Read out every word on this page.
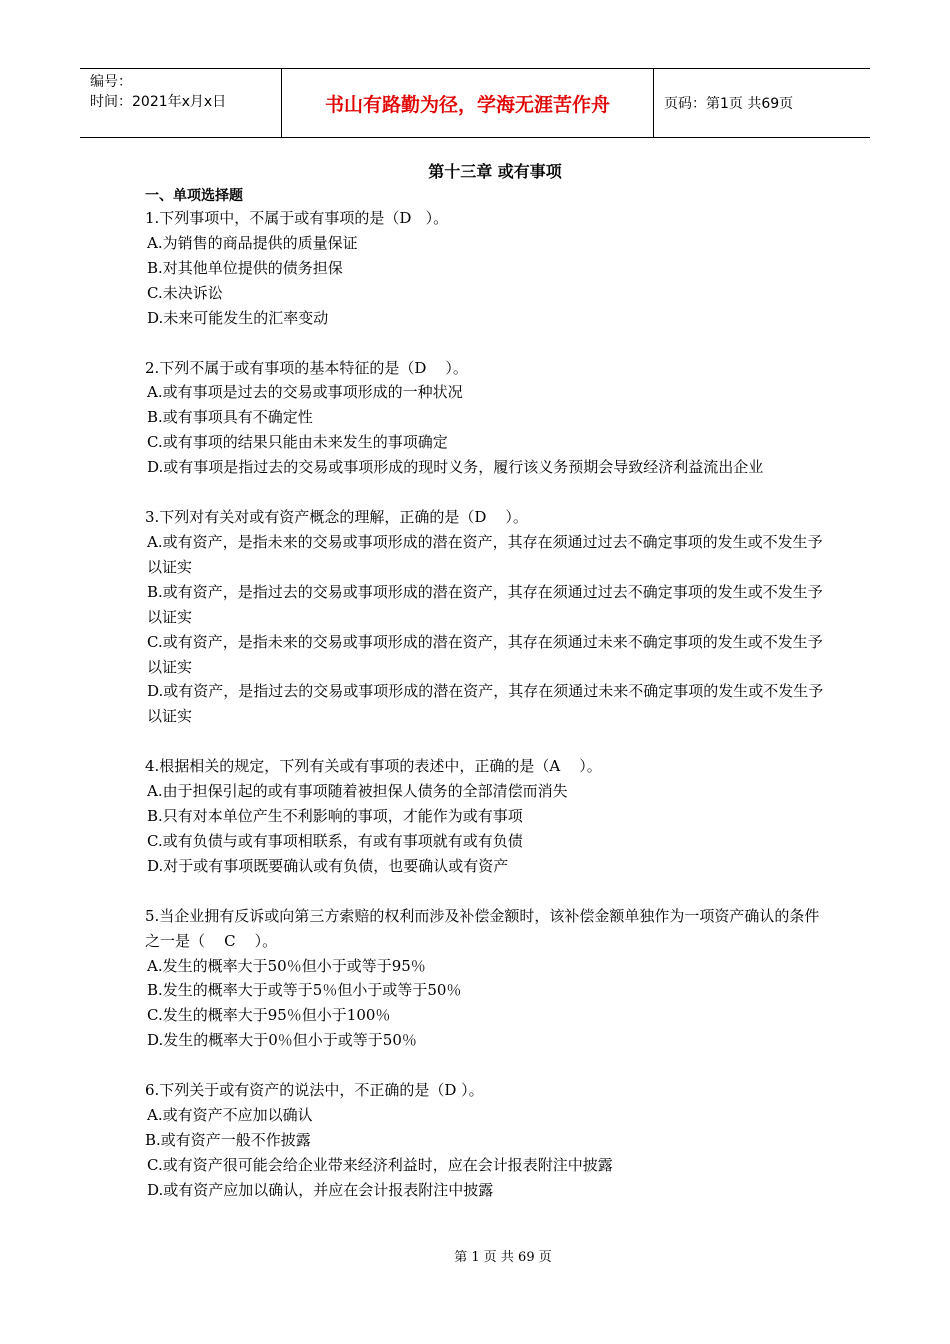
编号：
时间：2021年x月x日	书山有路勤为径，学海无涯苦作舟	页码：第1页 共69页
第十三章 或有事项
一、单项选择题
1.下列事项中，不属于或有事项的是（D   ）。
A.为销售的商品提供的质量保证
B.对其他单位提供的债务担保
C.未决诉讼
D.未来可能发生的汇率变动
2.下列不属于或有事项的基本特征的是（D    ）。
A.或有事项是过去的交易或事项形成的一种状况
B.或有事项具有不确定性
C.或有事项的结果只能由未来发生的事项确定
D.或有事项是指过去的交易或事项形成的现时义务，履行该义务预期会导致经济利益流出企业
3.下列对有关对或有资产概念的理解，正确的是（D    ）。
A.或有资产，是指未来的交易或事项形成的潜在资产，其存在须通过过去不确定事项的发生或不发生予以证实
B.或有资产，是指过去的交易或事项形成的潜在资产，其存在须通过过去不确定事项的发生或不发生予以证实
C.或有资产，是指未来的交易或事项形成的潜在资产，其存在须通过未来不确定事项的发生或不发生予以证实
D.或有资产，是指过去的交易或事项形成的潜在资产，其存在须通过未来不确定事项的发生或不发生予以证实
4.根据相关的规定，下列有关或有事项的表述中，正确的是（A    ）。
A.由于担保引起的或有事项随着被担保人债务的全部清偿而消失
B.只有对本单位产生不利影响的事项，才能作为或有事项
C.或有负债与或有事项相联系，有或有事项就有或有负债
D.对于或有事项既要确认或有负债，也要确认或有资产
5.当企业拥有反诉或向第三方索赔的权利而涉及补偿金额时，该补偿金额单独作为一项资产确认的条件之一是（    C    ）。
A.发生的概率大于50％但小于或等于95％
B.发生的概率大于或等于5％但小于或等于50％
C.发生的概率大于95％但小于100％
D.发生的概率大于0％但小于或等于50％
6.下列关于或有资产的说法中，不正确的是（D ）。
A.或有资产不应加以确认
B.或有资产一般不作披露
C.或有资产很可能会给企业带来经济利益时，应在会计报表附注中披露
D.或有资产应加以确认，并应在会计报表附注中披露
第 1 页 共 69 页
